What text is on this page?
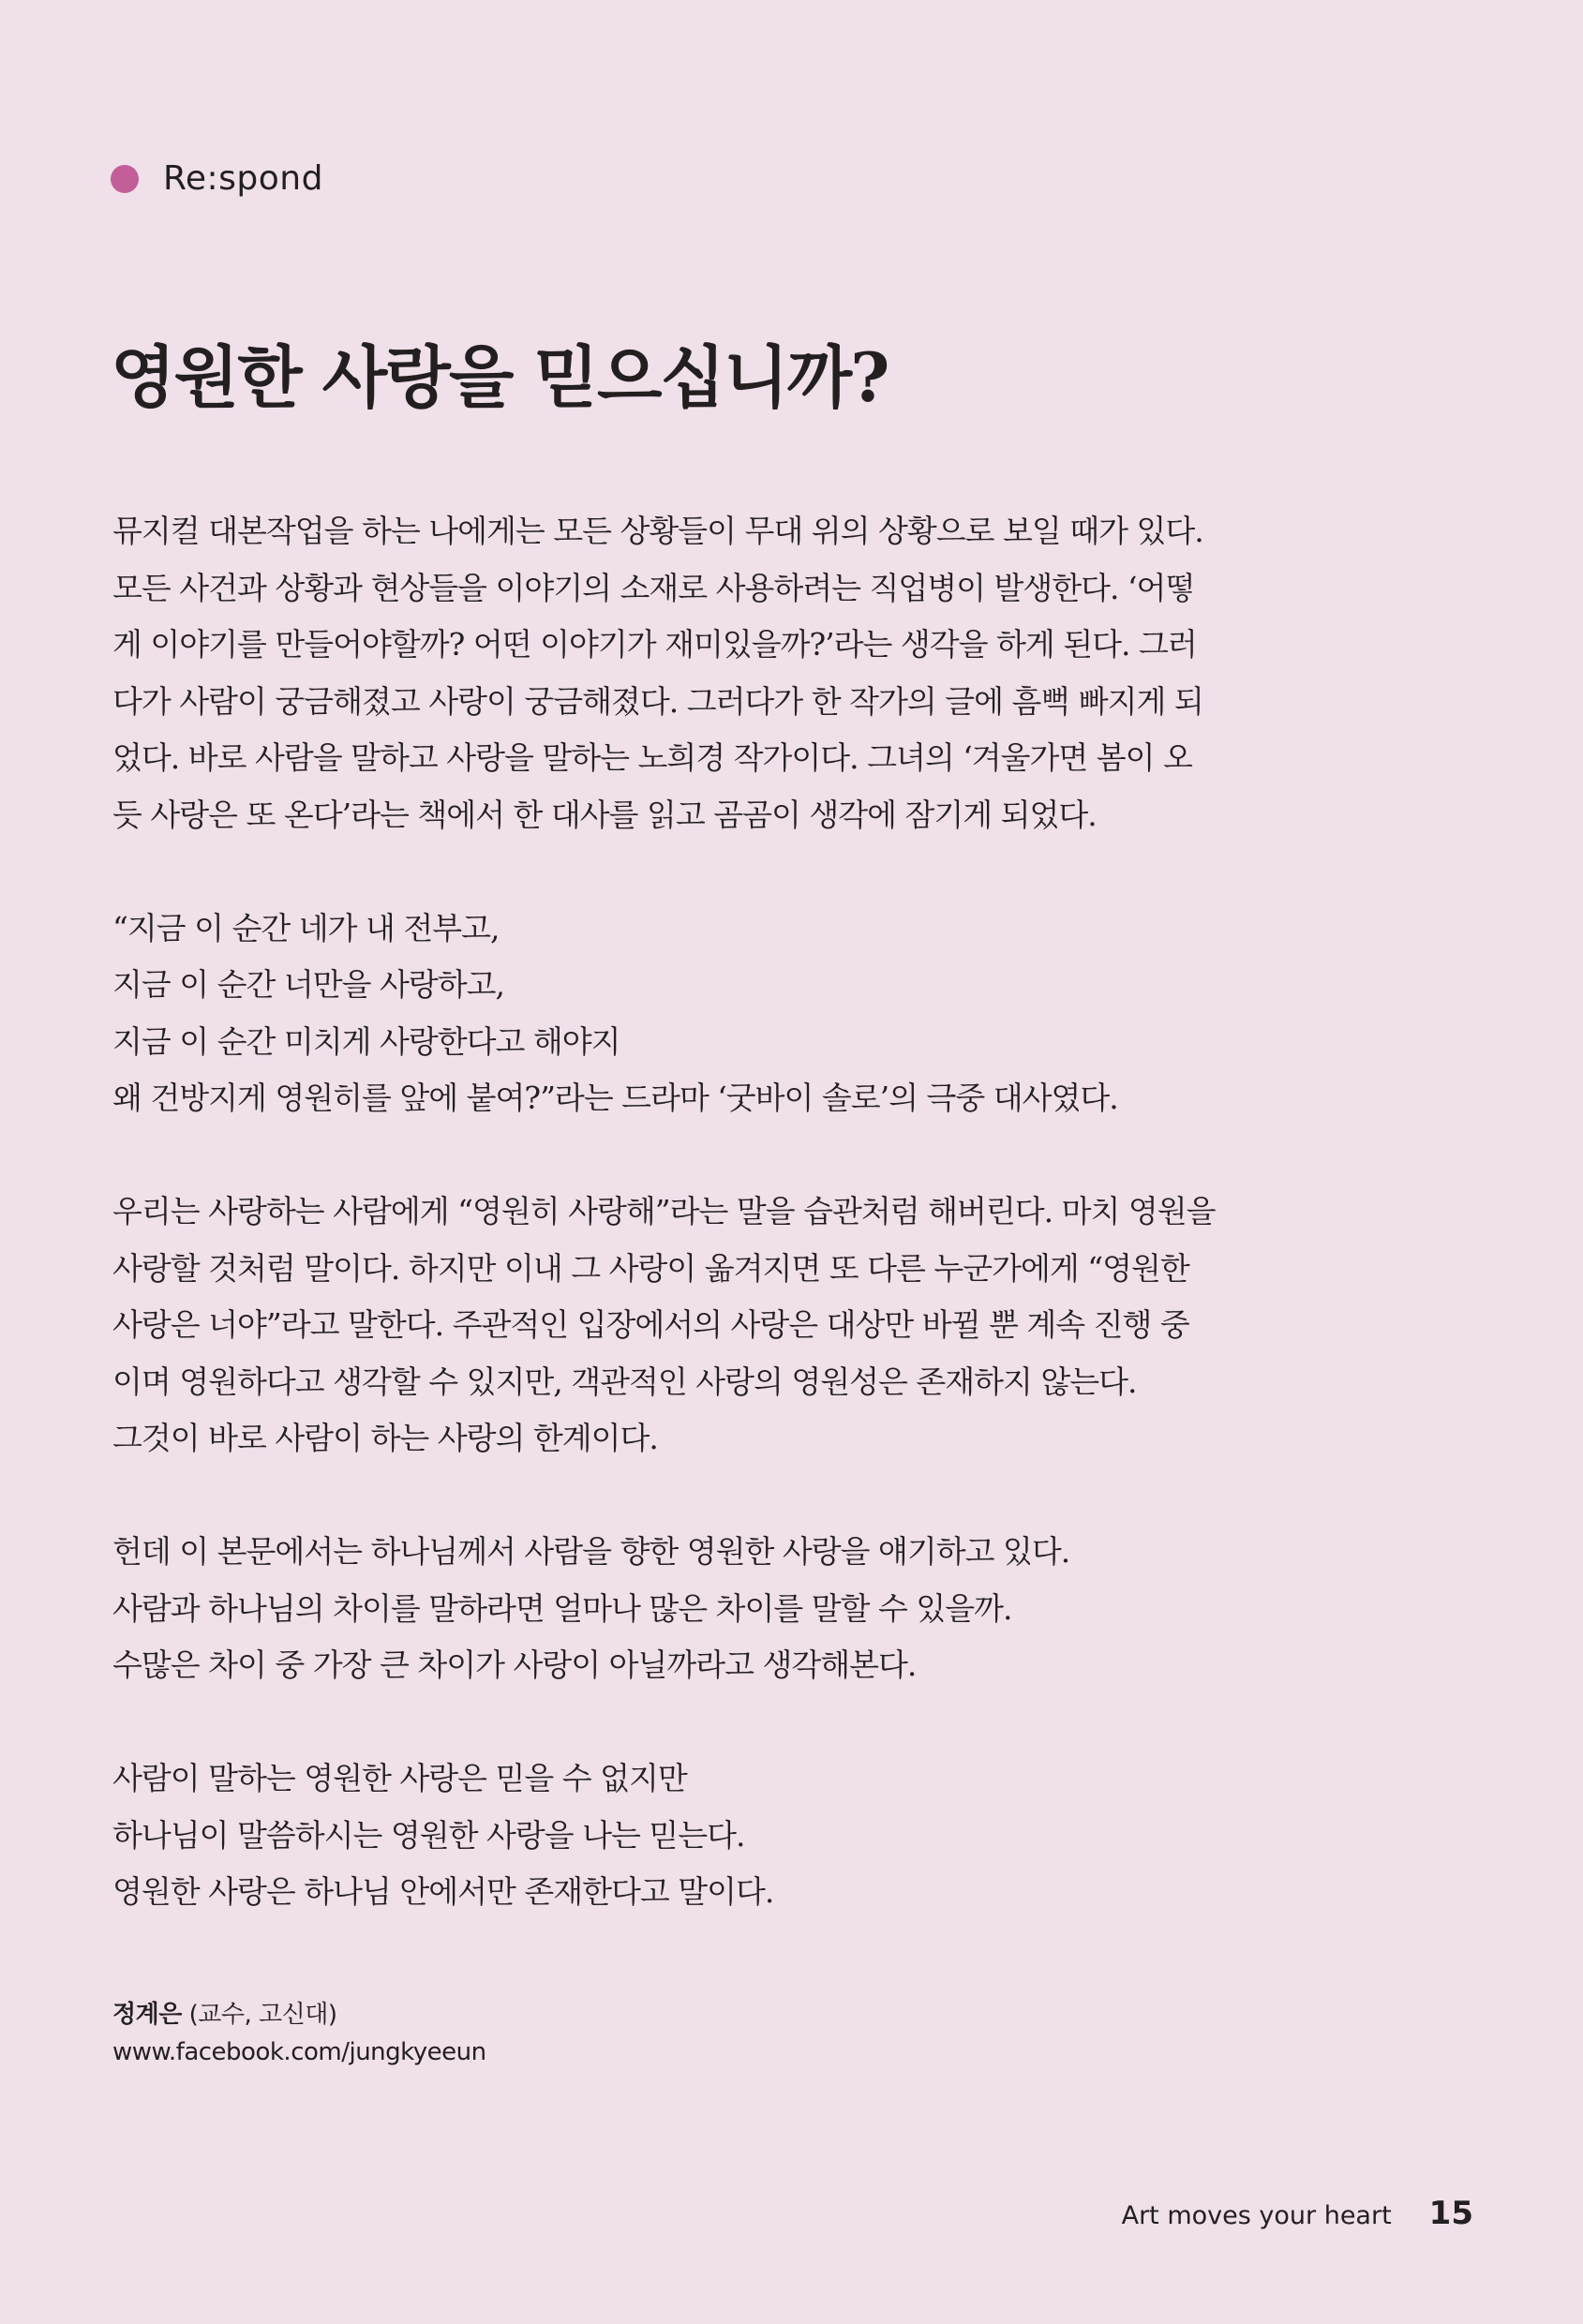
Re:spond
영원한 사랑을 믿으십니까?

뮤지컬 대본작업을 하는 나에게는 모든 상황들이 무대 위의 상황으로 보일 때가 있다.
모든 사건과 상황과 현상들을 이야기의 소재로 사용하려는 직업병이 발생한다. ‘어떻
게 이야기를 만들어야할까? 어떤 이야기가 재미있을까?’라는 생각을 하게 된다. 그러
다가 사람이 궁금해졌고 사랑이 궁금해졌다. 그러다가 한 작가의 글에 흠뻑 빠지게 되
었다. 바로 사람을 말하고 사랑을 말하는 노희경 작가이다. 그녀의 ‘겨울가면 봄이 오
듯 사랑은 또 온다’라는 책에서 한 대사를 읽고 곰곰이 생각에 잠기게 되었다.

“지금 이 순간 네가 내 전부고,
지금 이 순간 너만을 사랑하고,
지금 이 순간 미치게 사랑한다고 해야지
왜 건방지게 영원히를 앞에 붙여?”라는 드라마 ‘굿바이 솔로’의 극중 대사였다.

우리는 사랑하는 사람에게 “영원히 사랑해”라는 말을 습관처럼 해버린다. 마치 영원을
사랑할 것처럼 말이다. 하지만 이내 그 사랑이 옮겨지면 또 다른 누군가에게 “영원한
사랑은 너야”라고 말한다. 주관적인 입장에서의 사랑은 대상만 바뀔 뿐 계속 진행 중
이며 영원하다고 생각할 수 있지만, 객관적인 사랑의 영원성은 존재하지 않는다.
그것이 바로 사람이 하는 사랑의 한계이다.

헌데 이 본문에서는 하나님께서 사람을 향한 영원한 사랑을 얘기하고 있다.
사람과 하나님의 차이를 말하라면 얼마나 많은 차이를 말할 수 있을까.
수많은 차이 중 가장 큰 차이가 사랑이 아닐까라고 생각해본다.

사람이 말하는 영원한 사랑은 믿을 수 없지만
하나님이 말씀하시는 영원한 사랑을 나는 믿는다.
영원한 사랑은 하나님 안에서만 존재한다고 말이다.

정계은 (교수, 고신대)
www.facebook.com/jungkyeeun
Art moves your heart 15
